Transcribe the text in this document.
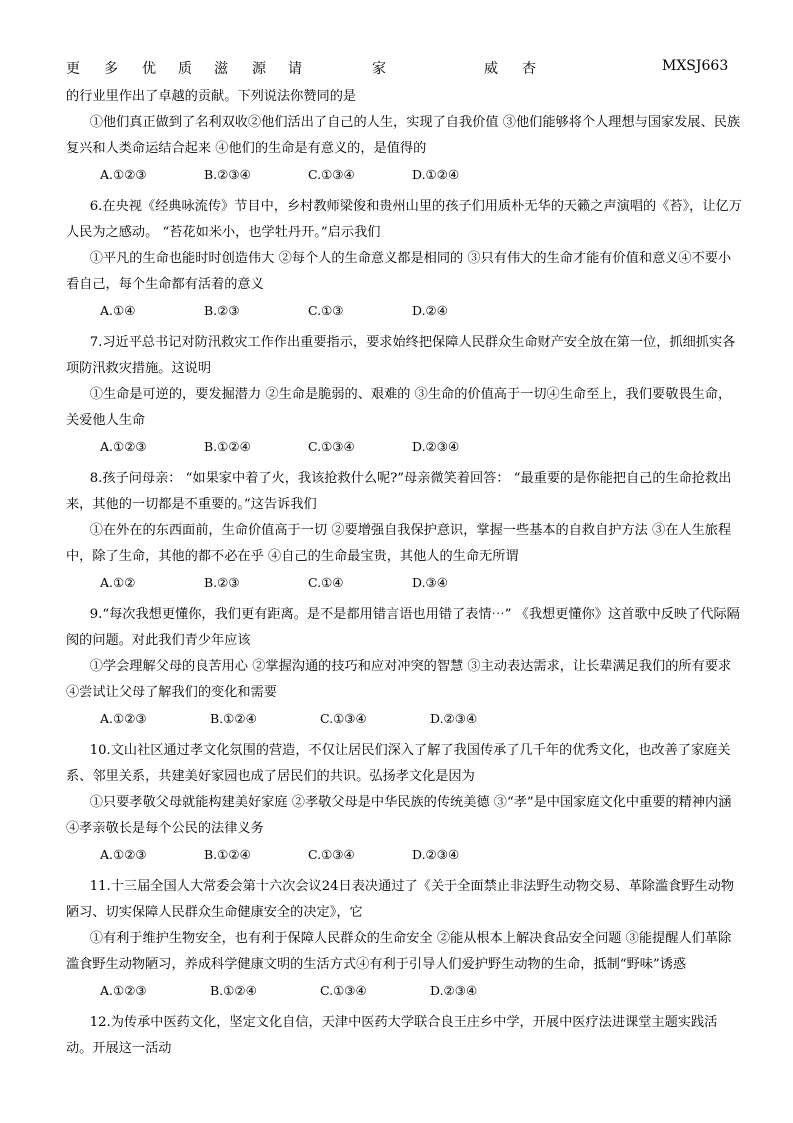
更 多 优 质 滋 源 请	家	威 杏	MXSJ663

的行业里作出了卓越的贡献。下列说法你赞同的是

①他们真正做到了名利双收②他们活出了自己的人生，实现了自我价值 ③他们能够将个人理想与国家发展、民族复兴和人类命运结合起来 ④他们的生命是有意义的，是值得的

A.①②③	B.②③④	C.①③④	D.①②④

6.在央视《经典咏流传》节目中，乡村教师梁俊和贵州山里的孩子们用质朴无华的天籁之声演唱的《苔》，让亿万人民为之感动。 “苔花如米小，也学牡丹开。”启示我们

①平凡的生命也能时时创造伟大 ②每个人的生命意义都是相同的 ③只有伟大的生命才能有价值和意义④不要小看自己，每个生命都有活着的意义

A.①④	B.②③	C.①③	D.②④

7.习近平总书记对防汛救灾工作作出重要指示，要求始终把保障人民群众生命财产安全放在第一位，抓细抓实各项防汛救灾措施。这说明

①生命是可逆的，要发掘潜力 ②生命是脆弱的、艰难的 ③生命的价值高于一切④生命至上，我们要敬畏生命，关爱他人生命

A.①②③	B.①②④	C.①③④	D.②③④

8.孩子问母亲： “如果家中着了火，我该抢救什么呢?”母亲微笑着回答： “最重要的是你能把自己的生命抢救出来，其他的一切都是不重要的。”这告诉我们

①在外在的东西面前，生命价值高于一切 ②要增强自我保护意识，掌握一些基本的自救自护方法 ③在人生旅程中，除了生命，其他的都不必在乎 ④自己的生命最宝贵，其他人的生命无所谓

A.①②	B.②③	C.①④	D.③④

9.“每次我想更懂你，我们更有距离。是不是都用错言语也用错了表情⋯” 《我想更懂你》这首歌中反映了代际隔阂的问题。对此我们青少年应该

①学会理解父母的良苦用心 ②掌握沟通的技巧和应对冲突的智慧 ③主动表达需求，让长辈满足我们的所有要求 ④尝试让父母了解我们的变化和需要

A.①②③	B.①②④	C.①③④	D.②③④

10.文山社区通过孝文化氛围的营造，不仅让居民们深入了解了我国传承了几千年的优秀文化，也改善了家庭关系、邻里关系，共建美好家园也成了居民们的共识。弘扬孝文化是因为

①只要孝敬父母就能构建美好家庭 ②孝敬父母是中华民族的传统美德 ③“孝”是中国家庭文化中重要的精神内涵 ④孝亲敬长是每个公民的法律义务

A.①②③	B.①②④	C.①③④	D.②③④

11.十三届全国人大常委会第十六次会议24日表决通过了《关于全面禁止非法野生动物交易、革除滥食野生动物陋习、切实保障人民群众生命健康安全的决定》，它

①有利于维护生物安全，也有利于保障人民群众的生命安全 ②能从根本上解决食品安全问题 ③能提醒人们革除滥食野生动物陋习，养成科学健康文明的生活方式④有利于引导人们爱护野生动物的生命，抵制“野味”诱惑

A.①②③	B.①②④	C.①③④	D.②③④

12.为传承中医药文化，坚定文化自信，天津中医药大学联合良王庄乡中学，开展中医疗法进课堂主题实践活动。开展这一活动
